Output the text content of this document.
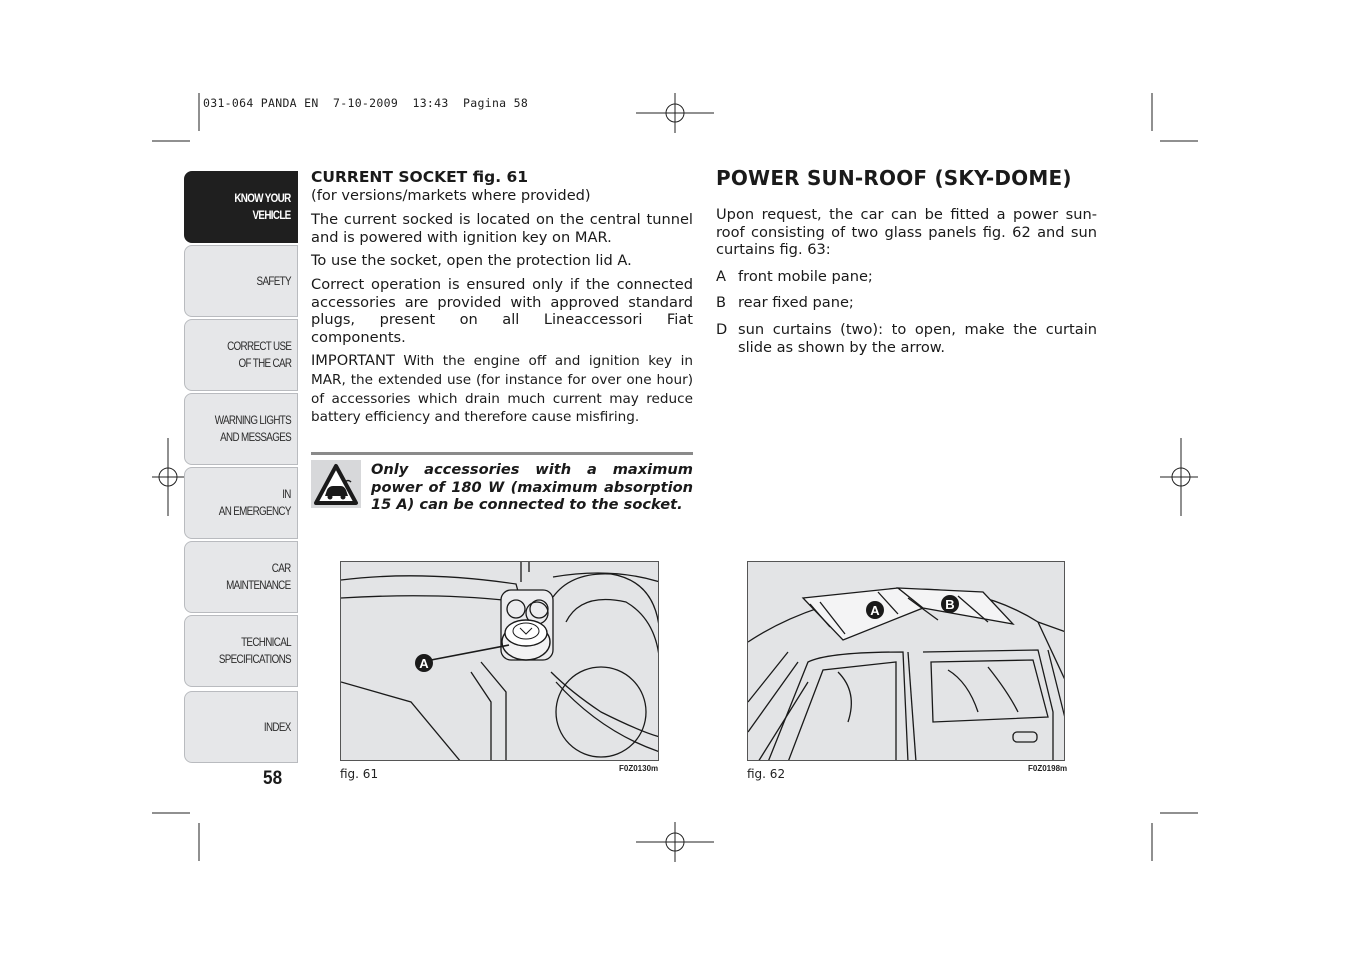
031-064 PANDA EN  7-10-2009  13:43  Pagina 58
KNOW YOUR
VEHICLE
SAFETY
CORRECT USE
OF THE CAR
WARNING LIGHTS
AND MESSAGES
IN
AN EMERGENCY
CAR
MAINTENANCE
TECHNICAL
SPECIFICATIONS
INDEX
58
CURRENT SOCKET fig. 61

(for versions/markets where provided)

The current socked is located on the central tunnel and is powered with ignition key on MAR.

To use the socket, open the protection lid A.

Correct operation is ensured only if the connected accessories are provided with approved standard plugs, present on all Lineaccessori Fiat components.

IMPORTANT With the engine off and ignition key in MAR, the extended use (for instance for over one hour) of accessories which drain much current may reduce battery efficiency and therefore cause misfiring.

Only accessories with a maximum power of 180 W (maximum absorption 15 A) can be connected to the socket.
POWER SUN-ROOF (SKY-DOME)

Upon request, the car can be fitted a power sun-roof consisting of two glass panels fig. 62 and sun curtains fig. 63:

A front mobile pane;
B rear fixed pane;
D sun curtains (two): to open, make the curtain slide as shown by the arrow.
A
fig. 61	F0Z0130m
A	B
fig. 62	F0Z0198m
